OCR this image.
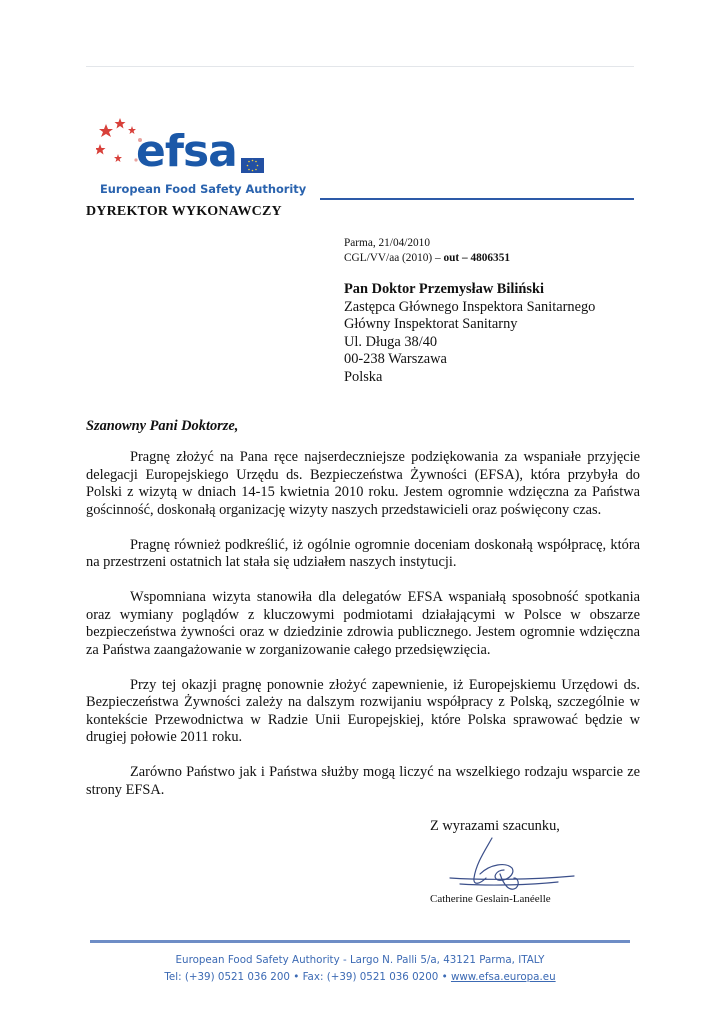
efsa
European Food Safety Authority
DYREKTOR WYKONAWCZY
Parma, 21/04/2010
CGL/VV/aa (2010) – out – 4806351
Pan Doktor Przemysław Biliński
Zastępca Głównego Inspektora Sanitarnego
Główny Inspektorat Sanitarny
Ul. Długa 38/40
00-238 Warszawa
Polska
Szanowny Pani Doktorze,

Pragnę złożyć na Pana ręce najserdeczniejsze podziękowania za wspaniałe przyjęcie delegacji Europejskiego Urzędu ds. Bezpieczeństwa Żywności (EFSA), która przybyła do Polski z wizytą w dniach 14-15 kwietnia 2010 roku. Jestem ogromnie wdzięczna za Państwa gościnność, doskonałą organizację wizyty naszych przedstawicieli oraz poświęcony czas.

Pragnę również podkreślić, iż ogólnie ogromnie doceniam doskonałą współpracę, która na przestrzeni ostatnich lat stała się udziałem naszych instytucji.

Wspomniana wizyta stanowiła dla delegatów EFSA wspaniałą sposobność spotkania oraz wymiany poglądów z kluczowymi podmiotami działającymi w Polsce w obszarze bezpieczeństwa żywności oraz w dziedzinie zdrowia publicznego. Jestem ogromnie wdzięczna za Państwa zaangażowanie w zorganizowanie całego przedsięwzięcia.

Przy tej okazji pragnę ponownie złożyć zapewnienie, iż Europejskiemu Urzędowi ds. Bezpieczeństwa Żywności zależy na dalszym rozwijaniu współpracy z Polską, szczególnie w kontekście Przewodnictwa w Radzie Unii Europejskiej, które Polska sprawować będzie w drugiej połowie 2011 roku.

Zarówno Państwo jak i Państwa służby mogą liczyć na wszelkiego rodzaju wsparcie ze strony EFSA.

Z wyrazami szacunku,
Catherine Geslain-Lanéelle
European Food Safety Authority - Largo N. Palli 5/a, 43121 Parma, ITALY
Tel: (+39) 0521 036 200 • Fax: (+39) 0521 036 0200 • www.efsa.europa.eu
